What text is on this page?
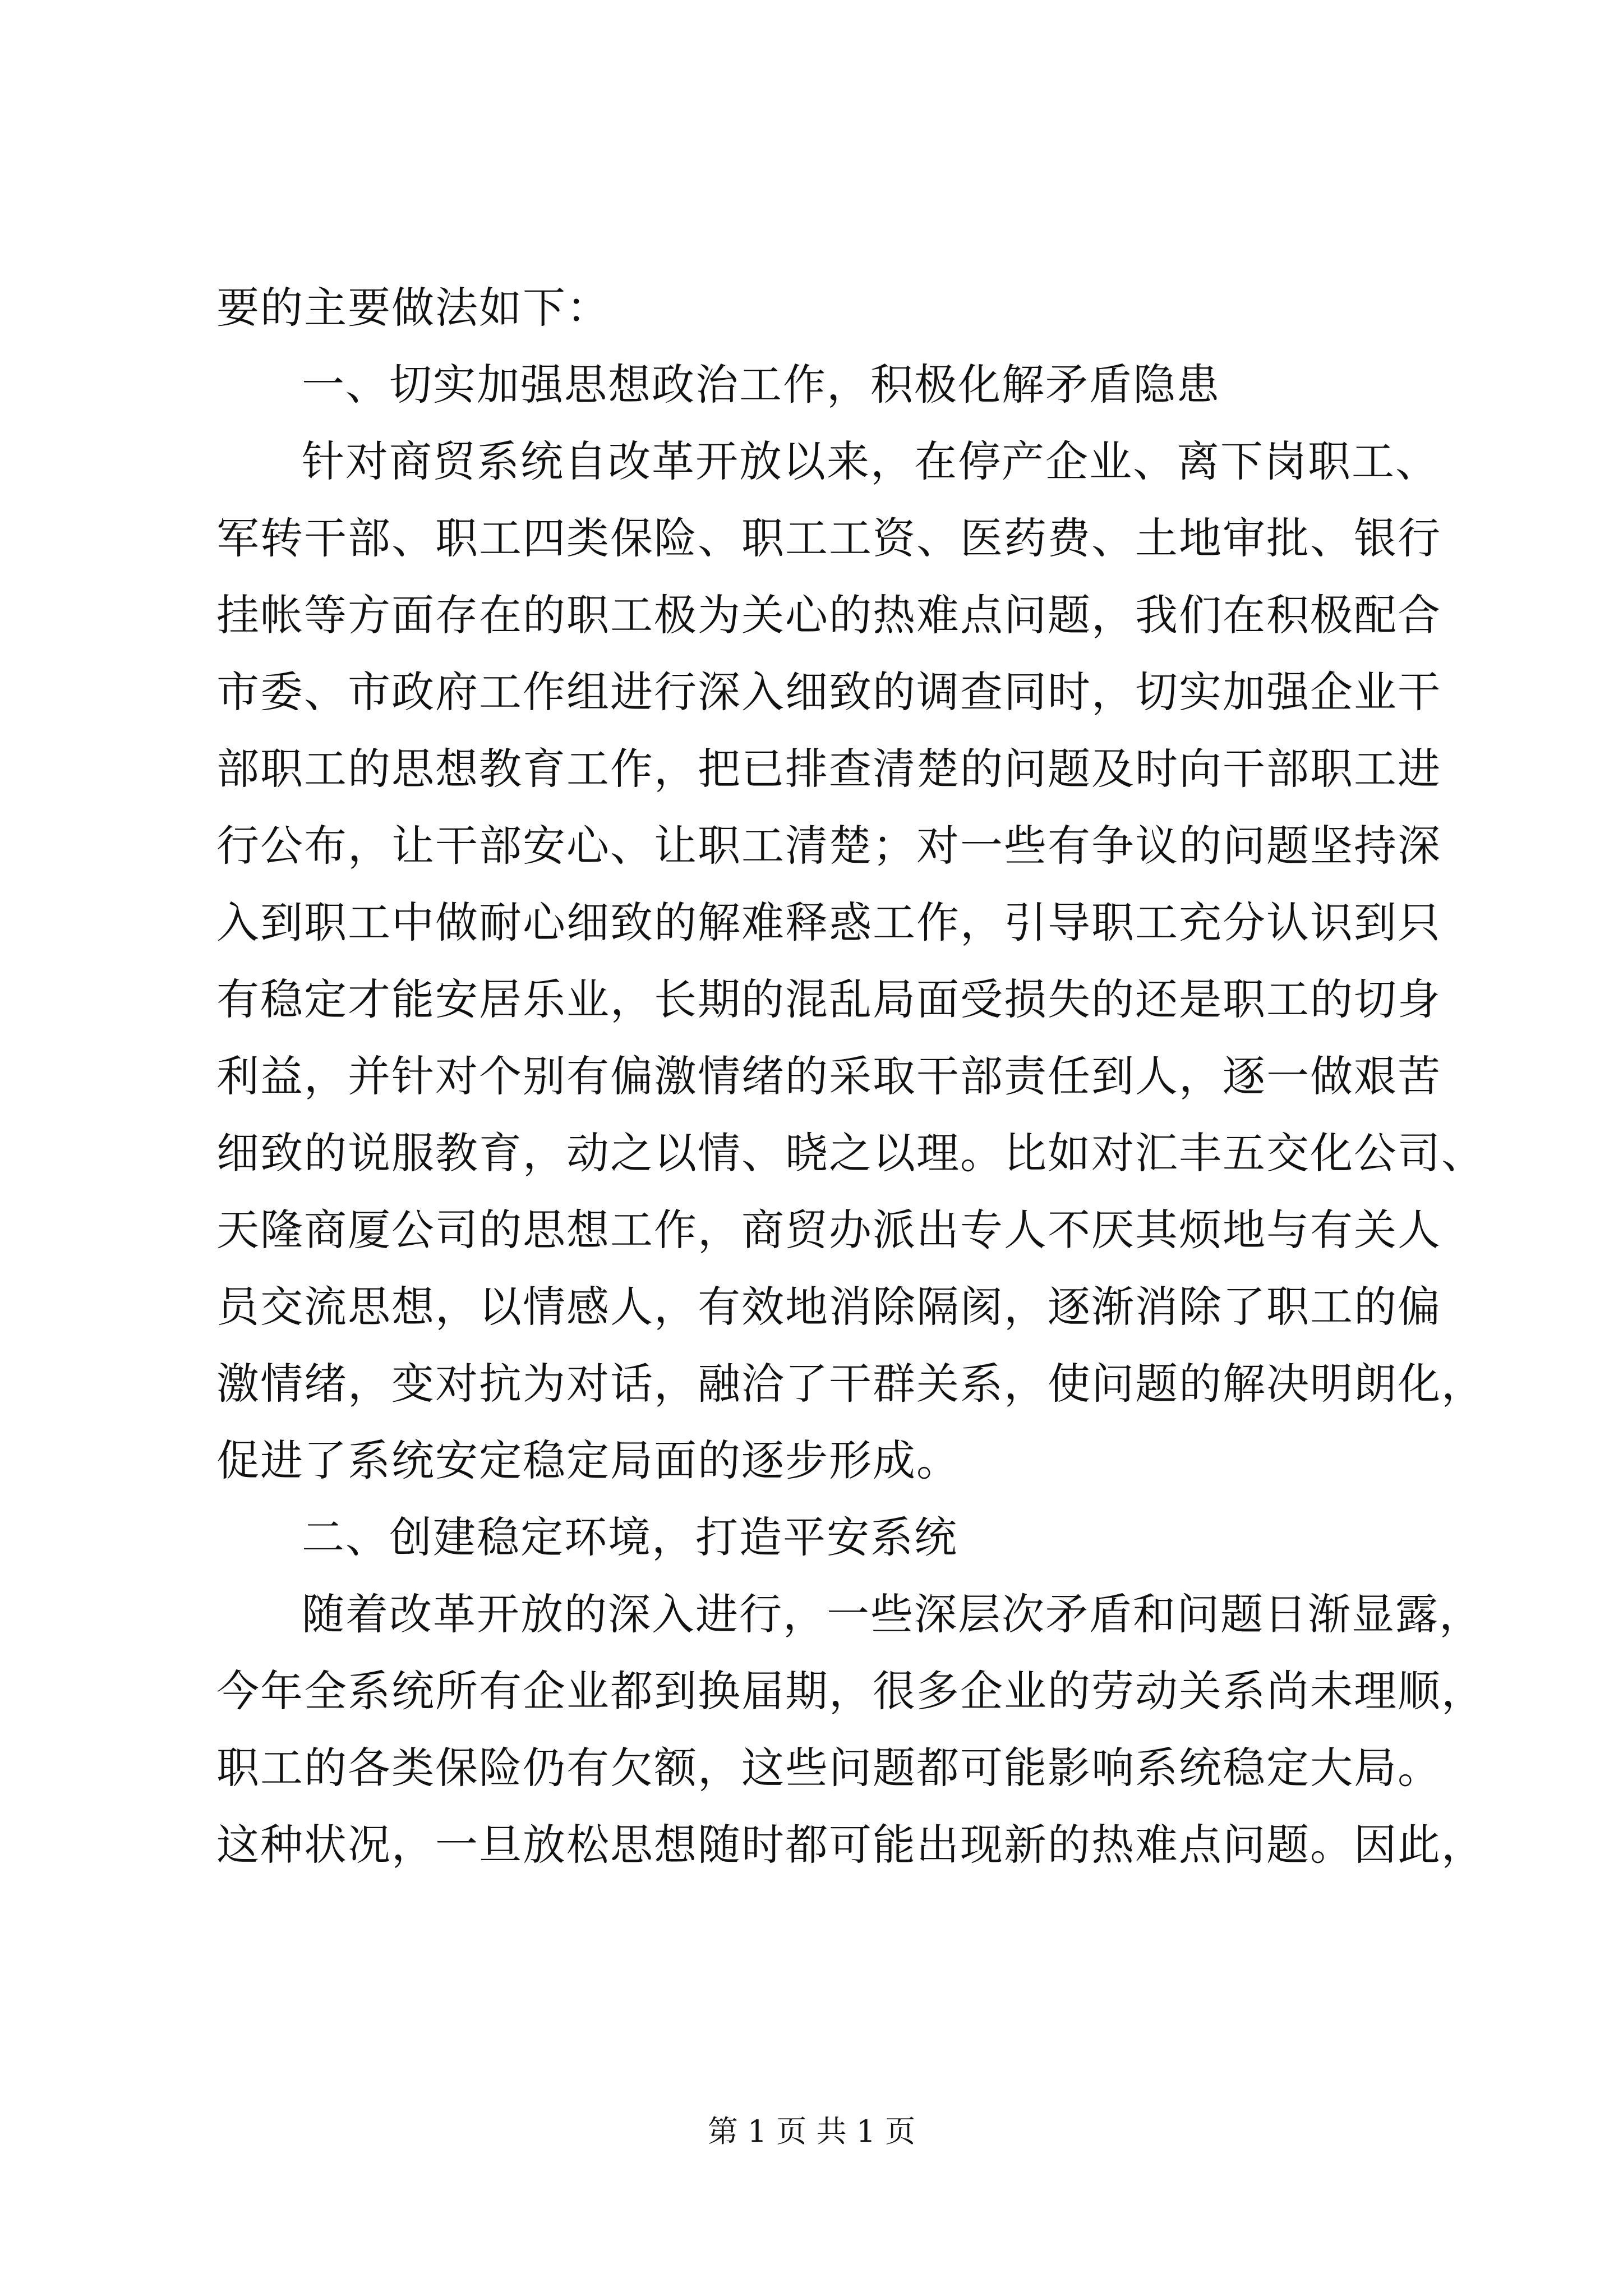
要的主要做法如下：
一、切实加强思想政治工作，积极化解矛盾隐患
针对商贸系统自改革开放以来，在停产企业、离下岗职工、
军转干部、职工四类保险、职工工资、医药费、土地审批、银行
挂帐等方面存在的职工极为关心的热难点问题，我们在积极配合
市委、市政府工作组进行深入细致的调查同时，切实加强企业干
部职工的思想教育工作，把已排查清楚的问题及时向干部职工进
行公布，让干部安心、让职工清楚；对一些有争议的问题坚持深
入到职工中做耐心细致的解难释惑工作，引导职工充分认识到只
有稳定才能安居乐业，长期的混乱局面受损失的还是职工的切身
利益，并针对个别有偏激情绪的采取干部责任到人，逐一做艰苦
细致的说服教育，动之以情、晓之以理。比如对汇丰五交化公司、
天隆商厦公司的思想工作，商贸办派出专人不厌其烦地与有关人
员交流思想，以情感人，有效地消除隔阂，逐渐消除了职工的偏
激情绪，变对抗为对话，融洽了干群关系，使问题的解决明朗化，
促进了系统安定稳定局面的逐步形成。
二、创建稳定环境，打造平安系统
随着改革开放的深入进行，一些深层次矛盾和问题日渐显露，
今年全系统所有企业都到换届期，很多企业的劳动关系尚未理顺，
职工的各类保险仍有欠额，这些问题都可能影响系统稳定大局。
这种状况，一旦放松思想随时都可能出现新的热难点问题。因此，
第 1 页 共 1 页
